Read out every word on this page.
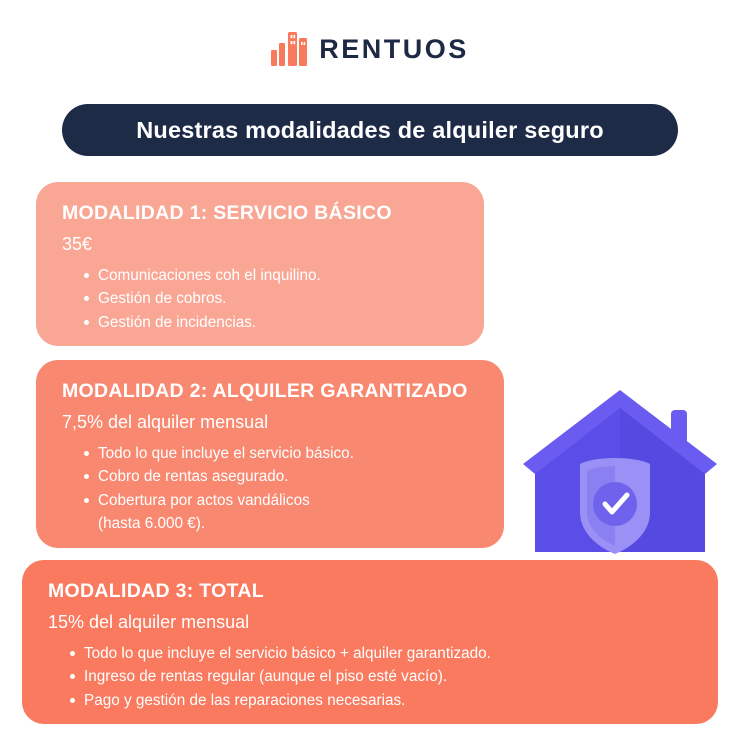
RENTUOS
Nuestras modalidades de alquiler seguro
MODALIDAD 1: SERVICIO BÁSICO
35€
Comunicaciones coh el inquilino.
Gestión de cobros.
Gestión de incidencias.
MODALIDAD 2: ALQUILER GARANTIZADO
7,5% del alquiler mensual
Todo lo que incluye el servicio básico.
Cobro de rentas asegurado.
Cobertura por actos vandálicos
(hasta 6.000 €).
MODALIDAD 3: TOTAL
15% del alquiler mensual
Todo lo que incluye el servicio básico + alquiler garantizado.
Ingreso de rentas regular (aunque el piso esté vacío).
Pago y gestión de las reparaciones necesarias.
